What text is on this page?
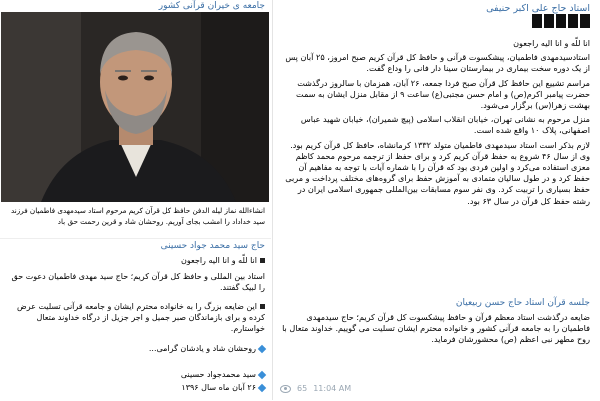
جامعه ی خیران قرآنی کشور
انشاءالله نماز لیله الدفن حافظ کل قرآن کریم مرحوم استاد سیدمهدی فاطمیان فرزند سید خداداد را امشب بجای آوریم. روحشان شاد و قرین رحمت حق باد
حاج سید محمد جواد حسینی
انا للّه و انا الیه راجعون
استاد بین المللی و حافظ کل قرآن کریم؛ حاج سید مهدی فاطمیان دعوت حق را لبیک گفتند.
این ضایعه بزرگ را به خانواده محترم ایشان و جامعه قرآنی تسلیت عرض کرده و برای بازماندگان صبر جمیل و اجر جزیل از درگاه خداوند متعال خواستارم.
روحشان شاد و یادشان گرامی...
سید محمدجواد حسینی
۲۶ آبان ماه سال ۱۳۹۶
استاد حاج علی اکبر حنیفی

انا للّه و انا الیه راجعون

استادسیدمهدی فاطمیان، پیشکسوت قرآنی و حافظ کل قرآن کریم صبح امروز، ۲۵ آبان پس از یک دوره سخت بیماری در بیمارستان سینا دار فانی را وداع گفت.

مراسم تشییع این حافظ کل قرآن صبح فردا جمعه، ۲۶ آبان، همزمان با سالروز درگذشت حضرت پیامبر اکرم(ص) و امام حسن مجتبی(ع) ساعت ۹ از مقابل منزل ایشان به سمت بهشت زهرا(س) برگزار می‌شود.

منزل مرحوم به نشانی تهران، خیابان انقلاب اسلامی (پیچ شمیران)، خیابان شهید عباس اصفهانی، پلاک ۱۰ واقع شده است.

لازم بذکر است استاد سیدمهدی فاطمیان متولد ۱۳۳۲ کرمانشاه، حافظ کل قرآن کریم بود. وی از سال ۴۶ شروع به حفظ قرآن کریم کرد و برای حفظ از ترجمه مرحوم محمد کاظم معزی استفاده می‌کرد و اولین فردی بود که قرآن را با شماره آیات با توجه به مفاهیم آن حفظ کرد و در طول سالیان متمادی به آموزش حفظ برای گروه‌های مختلف پرداخت و مربی حفظ بسیاری را تربیت کرد. وی نفر سوم مسابقات بین‌المللی جمهوری اسلامی ایران در رشته حفظ کل قرآن در سال ۶۳ بود.

جلسه قرآن استاد حاج حسن ربیعیان
ضایعه درگذشت استاد معظم قرآن و حافظ پیشکسوت کل قرآن کریم؛ حاج سیدمهدی فاطمیان را به جامعه قرآنی کشور و خانواده محترم ایشان تسلیت می گوییم. خداوند متعال با روح مطهر نبی اعظم (ص) محشورشان فرماید.
65 11:04 AM
